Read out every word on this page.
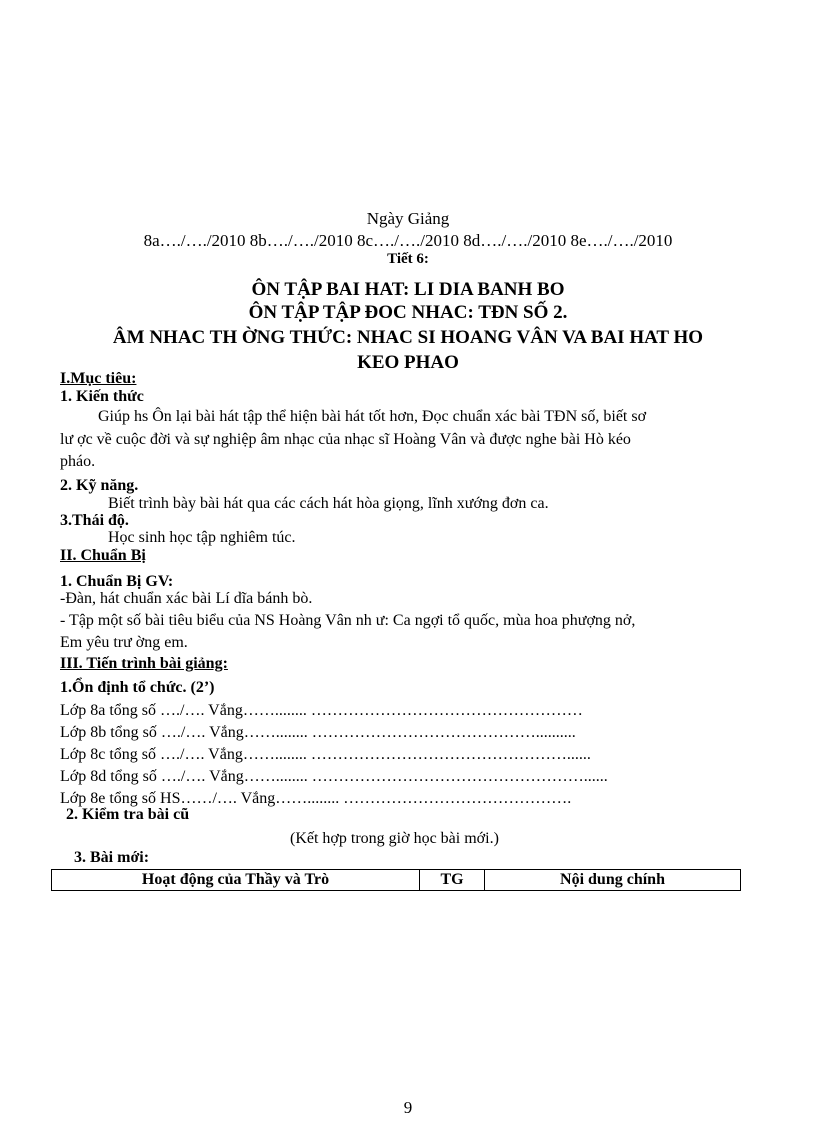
Ngày Giảng
8a…./…./2010 8b…./…./2010 8c…./…./2010 8d…./…./2010 8e…./…./2010
Tiết 6:
ÔN TẬP BAI HAT: LI DIA BANH BO
ÔN TẬP TẬP ĐOC NHAC: TĐN SỐ 2.
ÂM NHAC TH ỜNG THỨC: NHAC SI HOANG VÂN VA BAI HAT HO
KEO PHAO
I.Mục tiêu:
1. Kiến thức
Giúp hs Ôn lại bài hát tập thể hiện bài hát tốt hơn, Đọc chuẩn xác bài TĐN số, biết sơ
lư ợc về cuộc đời và sự nghiệp âm nhạc của nhạc sĩ Hoàng Vân và được nghe bài Hò kéo
pháo.
2. Kỹ năng.
Biết trình bày bài hát qua các cách hát hòa giọng, lĩnh xướng đơn ca.
3.Thái độ.
Học sinh học tập nghiêm túc.
II. Chuẩn Bị
1. Chuẩn Bị GV:
-Đàn, hát chuẩn xác bài Lí dĩa bánh bò.
- Tập một số bài tiêu biểu của NS Hoàng Vân nh ư: Ca ngợi tổ quốc, mùa hoa phượng nở,
Em yêu trư ờng em.
III. Tiến trình bài giảng:
1.Ổn định tổ chức. (2’)
Lớp 8a tổng số …./…. Vắng……........ ……………………………………………
Lớp 8b tổng số …./…. Vắng……........ ……………………………………..........
Lớp 8c tổng số …./…. Vắng……........ …………………………………………......
Lớp 8d tổng số …./…. Vắng……........ ……………………………………………......
Lớp 8e tổng số HS……/…. Vắng……........ …………………………………….
2. Kiểm tra bài cũ
(Kết hợp trong giờ học bài mới.)
3. Bài mới:
Hoạt động của Thầy và Trò	TG	Nội dung chính
9
